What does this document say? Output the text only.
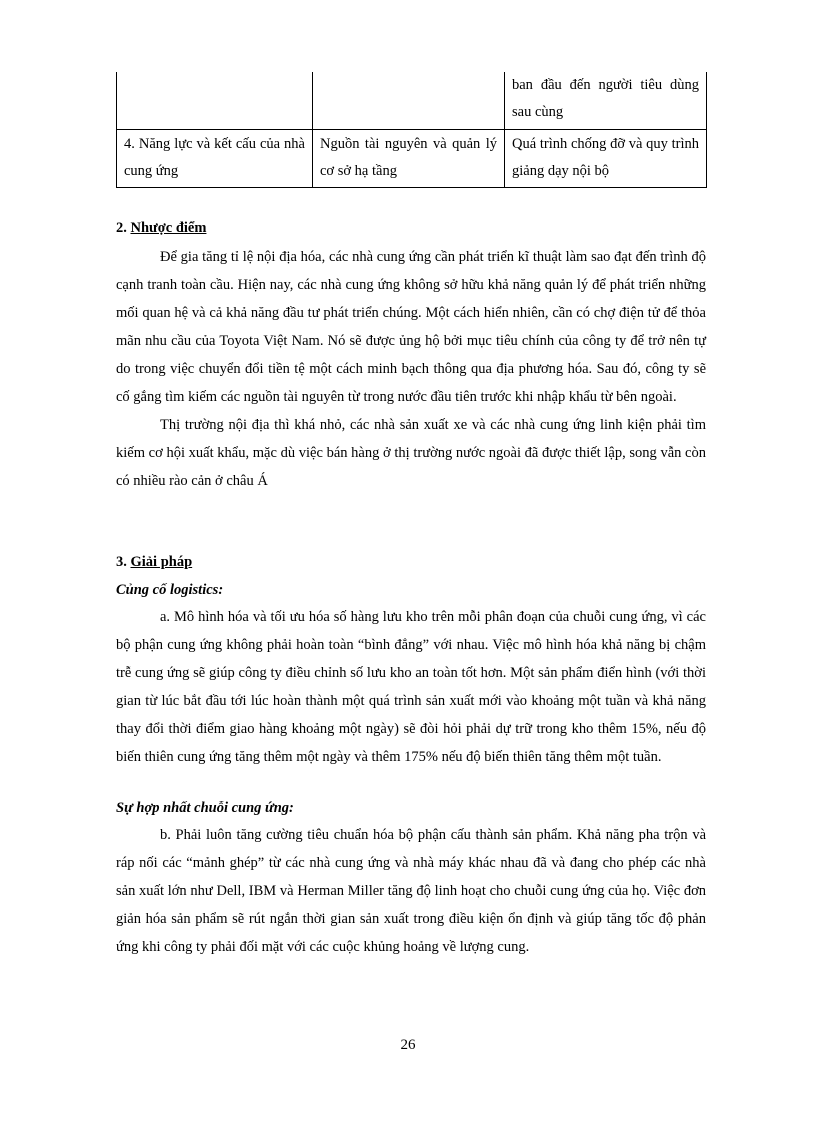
		ban đầu đến người tiêu dùng sau cùng
4. Năng lực và kết cấu của nhà cung ứng	Nguồn tài nguyên và quản lý cơ sở hạ tầng	Quá trình chống đỡ và quy trình giảng dạy nội bộ
2. Nhược điểm

Để gia tăng tỉ lệ nội địa hóa, các nhà cung ứng cần phát triển kĩ thuật làm sao đạt đến trình độ cạnh tranh toàn cầu. Hiện nay, các nhà cung ứng không sở hữu khả năng quản lý để phát triển những mối quan hệ và cả khả năng đầu tư phát triển chúng. Một cách hiển nhiên, cần có chợ điện tử để thỏa mãn nhu cầu của Toyota Việt Nam. Nó sẽ được ủng hộ bởi mục tiêu chính của công ty để trở nên tự do trong việc chuyển đổi tiền tệ một cách minh bạch thông qua địa phương hóa. Sau đó, công ty sẽ cố gắng tìm kiếm các nguồn tài nguyên từ trong nước đầu tiên trước khi nhập khẩu từ bên ngoài.

Thị trường nội địa thì khá nhỏ, các nhà sản xuất xe và các nhà cung ứng linh kiện phải tìm kiếm cơ hội xuất khẩu, mặc dù việc bán hàng ở thị trường nước ngoài đã được thiết lập, song vẫn còn có nhiều rào cản ở châu Á

3. Giải pháp
Củng cố logistics:

a. Mô hình hóa và tối ưu hóa số hàng lưu kho trên mỗi phân đoạn của chuỗi cung ứng, vì các bộ phận cung ứng không phải hoàn toàn “bình đẳng” với nhau. Việc mô hình hóa khả năng bị chậm trễ cung ứng sẽ giúp công ty điều chỉnh số lưu kho an toàn tốt hơn. Một sản phẩm điển hình (với thời gian từ lúc bắt đầu tới lúc hoàn thành một quá trình sản xuất mới vào khoảng một tuần và khả năng thay đổi thời điểm giao hàng khoảng một ngày) sẽ đòi hỏi phải dự trữ trong kho thêm 15%, nếu độ biến thiên cung ứng tăng thêm một ngày và thêm 175% nếu độ biến thiên tăng thêm một tuần.

Sự hợp nhất chuỗi cung ứng:

b. Phải luôn tăng cường tiêu chuẩn hóa bộ phận cấu thành sản phẩm. Khả năng pha trộn và ráp nối các “mảnh ghép” từ các nhà cung ứng và nhà máy khác nhau đã và đang cho phép các nhà sản xuất lớn như Dell, IBM và Herman Miller tăng độ linh hoạt cho chuỗi cung ứng của họ. Việc đơn giản hóa sản phẩm sẽ rút ngắn thời gian sản xuất trong điều kiện ổn định và giúp tăng tốc độ phản ứng khi công ty phải đối mặt với các cuộc khủng hoảng về lượng cung.

26
